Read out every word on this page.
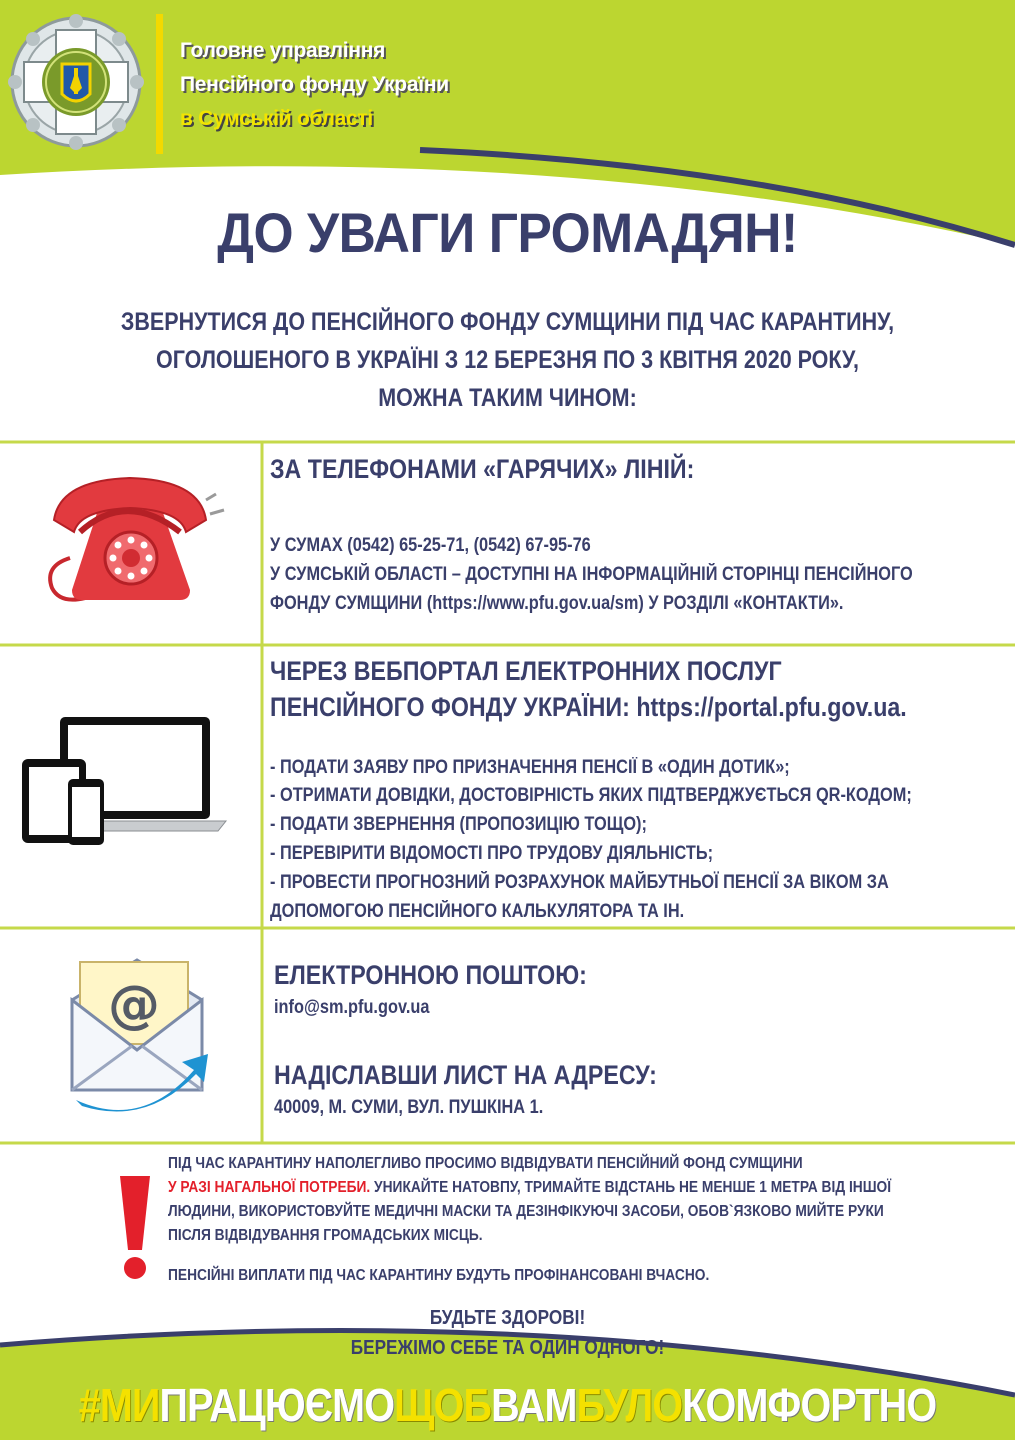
Головне управління
Пенсійного фонду України
в Сумській області
ДО УВАГИ ГРОМАДЯН!
ЗВЕРНУТИСЯ ДО ПЕНСІЙНОГО ФОНДУ СУМЩИНИ ПІД ЧАС КАРАНТИНУ,
ОГОЛОШЕНОГО В УКРАЇНІ З 12 БЕРЕЗНЯ ПО 3 КВІТНЯ 2020 РОКУ,
МОЖНА ТАКИМ ЧИНОМ:
ЗА ТЕЛЕФОНАМИ «ГАРЯЧИХ» ЛІНІЙ:
У СУМАХ (0542) 65-25-71, (0542) 67-95-76
У СУМСЬКІЙ ОБЛАСТІ – ДОСТУПНІ НА ІНФОРМАЦІЙНІЙ СТОРІНЦІ ПЕНСІЙНОГО
ФОНДУ СУМЩИНИ (https://www.pfu.gov.ua/sm) У РОЗДІЛІ «КОНТАКТИ».
ЧЕРЕЗ ВЕБПОРТАЛ ЕЛЕКТРОННИХ ПОСЛУГ
ПЕНСІЙНОГО ФОНДУ УКРАЇНИ: https://portal.pfu.gov.ua.
- ПОДАТИ ЗАЯВУ ПРО ПРИЗНАЧЕННЯ ПЕНСІЇ В «ОДИН ДОТИК»;
- ОТРИМАТИ ДОВІДКИ, ДОСТОВІРНІСТЬ ЯКИХ ПІДТВЕРДЖУЄТЬСЯ QR-КОДОМ;
- ПОДАТИ ЗВЕРНЕННЯ (ПРОПОЗИЦІЮ ТОЩО);
- ПЕРЕВІРИТИ ВІДОМОСТІ ПРО ТРУДОВУ ДІЯЛЬНІСТЬ;
- ПРОВЕСТИ ПРОГНОЗНИЙ РОЗРАХУНОК МАЙБУТНЬОЇ ПЕНСІЇ ЗА ВІКОМ ЗА
ДОПОМОГОЮ ПЕНСІЙНОГО КАЛЬКУЛЯТОРА ТА ІН.
@	ЕЛЕКТРОННОЮ ПОШТОЮ:
info@sm.pfu.gov.ua
НАДІСЛАВШИ ЛИСТ НА АДРЕСУ:
40009, М. СУМИ, ВУЛ. ПУШКІНА 1.
ПІД ЧАС КАРАНТИНУ НАПОЛЕГЛИВО ПРОСИМО ВІДВІДУВАТИ ПЕНСІЙНИЙ ФОНД СУМЩИНИ
У РАЗІ НАГАЛЬНОЇ ПОТРЕБИ. УНИКАЙТЕ НАТОВПУ, ТРИМАЙТЕ ВІДСТАНЬ НЕ МЕНШЕ 1 МЕТРА ВІД ІНШОЇ
ЛЮДИНИ, ВИКОРИСТОВУЙТЕ МЕДИЧНІ МАСКИ ТА ДЕЗІНФІКУЮЧІ ЗАСОБИ, ОБОВ`ЯЗКОВО МИЙТЕ РУКИ
ПІСЛЯ ВІДВІДУВАННЯ ГРОМАДСЬКИХ МІСЦЬ.
ПЕНСІЙНІ ВИПЛАТИ ПІД ЧАС КАРАНТИНУ БУДУТЬ ПРОФІНАНСОВАНІ ВЧАСНО.
БУДЬТЕ ЗДОРОВІ!
БЕРЕЖІМО СЕБЕ ТА ОДИН ОДНОГО!
#МИПРАЦЮЄМОЩОБВАМБУЛОКОМФОРТНО
